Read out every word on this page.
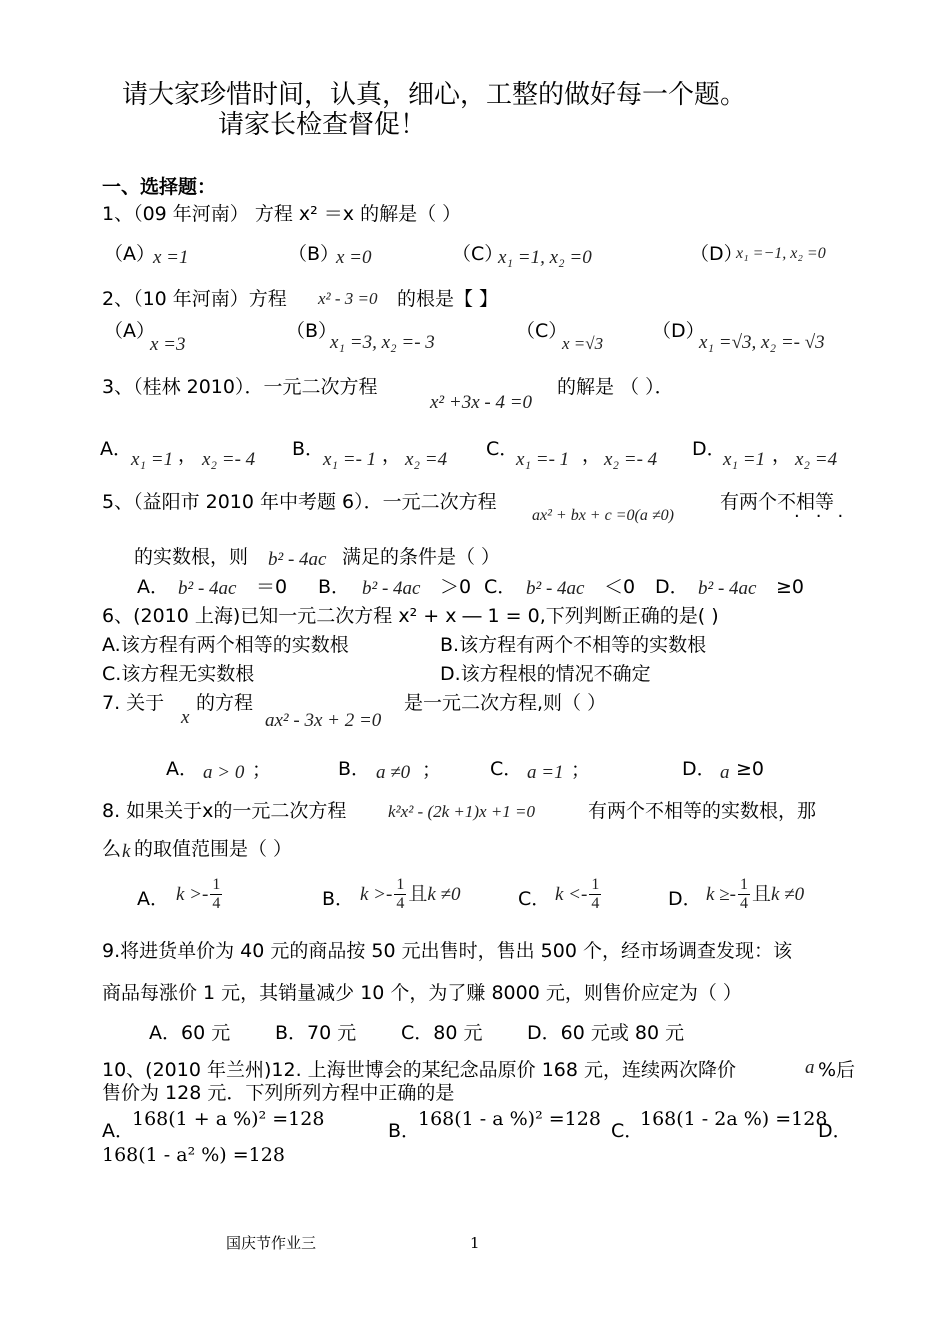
请大家珍惜时间，认真，细心，工整的做好每一个题。
请家长检查督促！
一、选择题：
1、（09 年河南） 方程 x² ＝x 的解是（ ）
（A）
x =1	（B）
x =0	（C）
x₁ =1, x₂ =0	（D）
x₁ =−1, x₂ =0
2、（10 年河南）方程 x² - 3 =0 的根是【 】
（A）
x =3
（B）
x₁ =3, x₂ =- 3
（C）
x =√3
（D）
x₁ =√3, x₂ =- √3
3、（桂林 2010）．一元二次方程
x² +3x - 4 =0
的解是 （ ）．
A． x₁ =1 ， x₂ =- 4 B．
x₁ =- 1 ， x₂ =4 C．
x₁ =- 1 ， x₂ =- 4 D．
x₁ =1 ， x₂ =4
5、（益阳市 2010 年中考题 6）．一元二次方程
ax² + bx + c =0(a ≠0)
有两个不相等
···
的实数根，则 b² - 4ac 满足的条件是（ ）
A． b² - 4ac ＝0 B． b² - 4ac ＞0 C． b² - 4ac ＜0 D． b² - 4ac ≥0
6、(2010 上海)已知一元二次方程 x² + x ― 1 = 0,下列判断正确的是( )
A.该方程有两个相等的实数根	B.该方程有两个不相等的实数根
C.该方程无实数根	D.该方程根的情况不确定
7. 关于
x
的方程
ax² - 3x + 2 =0
是一元二次方程,则（ ）
A． a > 0 ；	B． a ≠0 ；	C． a =1 ；	D． a ≥0
8. 如果关于x的一元二次方程 k²x² - (2k +1)x +1 =0	有两个不相等的实数根，那
么 k 的取值范围是（ ）
A． $k >- \frac{1}{4}$	B． $k >- \frac{1}{4}$ 且 k ≠0	C． $k <- \frac{1}{4}$	D． $k \ge- \frac{1}{4}$ 且 k ≠0
9.将进货单价为 40 元的商品按 50 元出售时，售出 500 个，经市场调查发现：该
商品每涨价 1 元，其销量减少 10 个，为了赚 8000 元，则售价应定为（ ）
A．60 元 B．70 元 C．80 元 D．60 元或 80 元
10、(2010 年兰州)12. 上海世博会的某纪念品原价 168 元，连续两次降价	a %后
售价为 128 元．下列所列方程中正确的是
A．
168(1 + a %)² =128
B．
168(1 - a %)² =128
C．
168(1 - 2a %) =128
D．
168(1 - a² %) =128
国庆节作业三	1
